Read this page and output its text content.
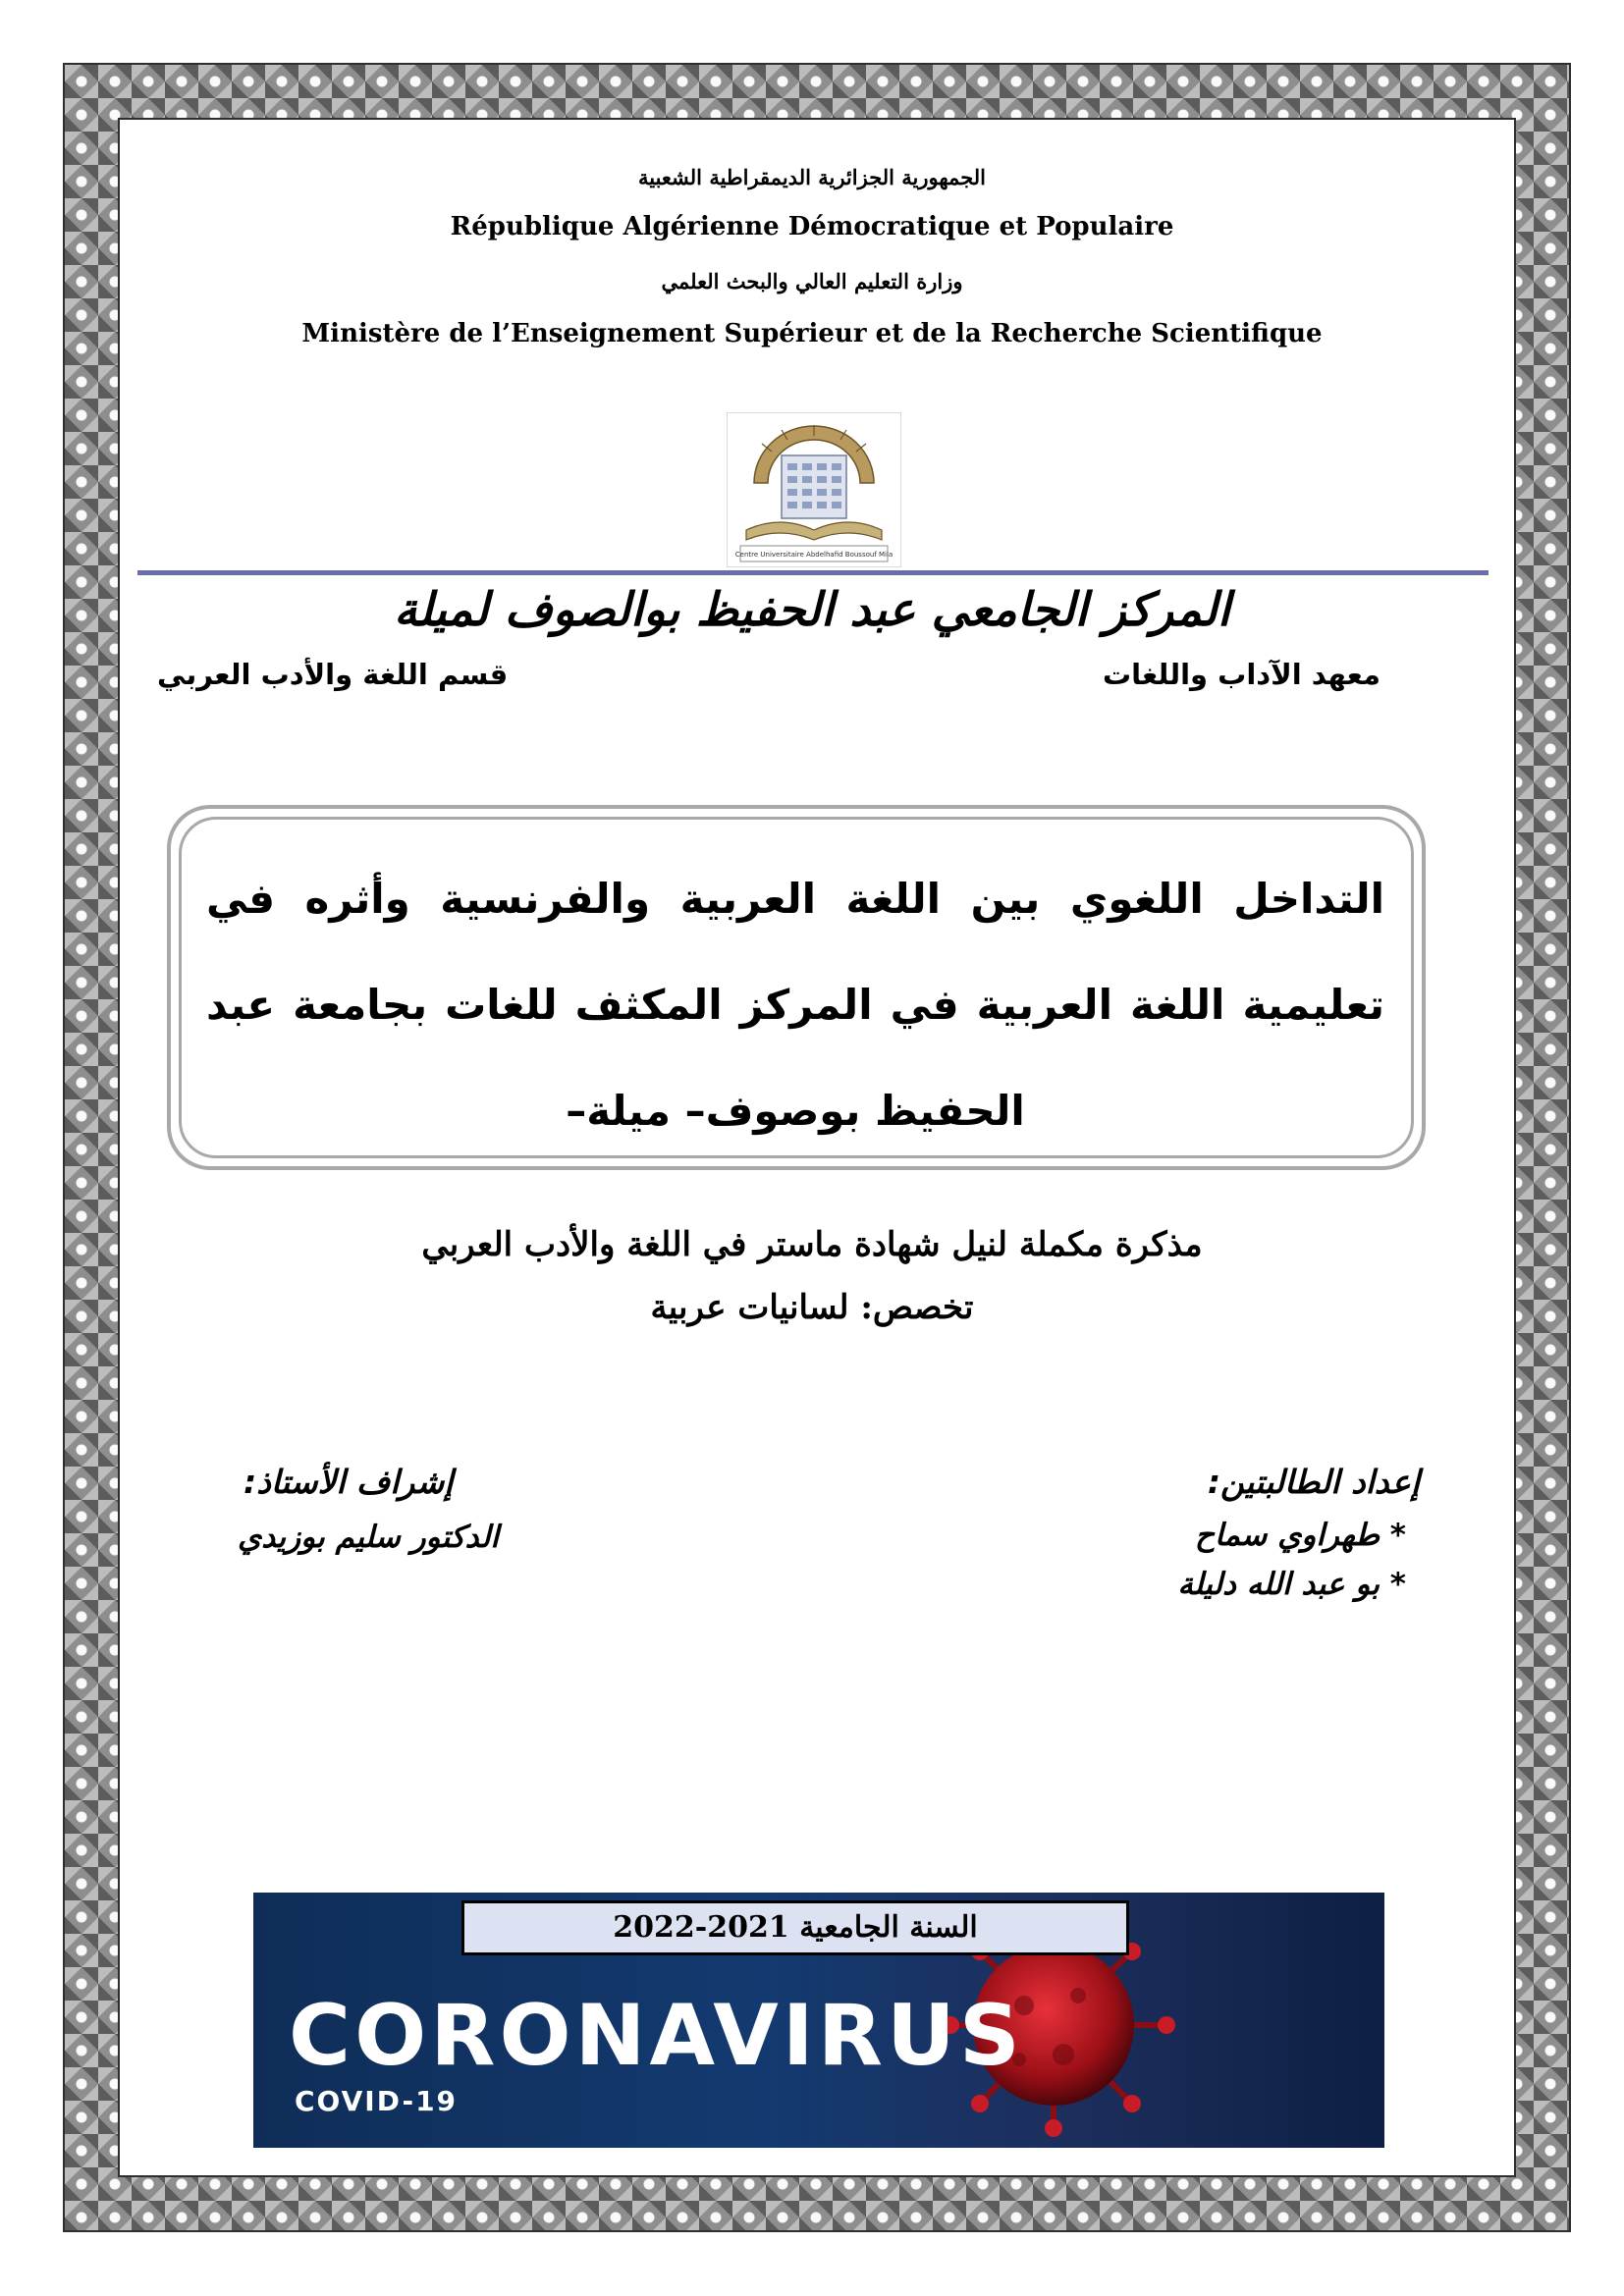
الجمهورية الجزائرية الديمقراطية الشعبية
République Algérienne Démocratique et Populaire
وزارة التعليم العالي والبحث العلمي
Ministère de l’Enseignement Supérieur et de la Recherche Scientifique
Centre Universitaire Abdelhafid Boussouf Mila
المركز الجامعي عبد الحفيظ بوالصوف لميلة
معهد الآداب واللغات
قسم اللغة والأدب العربي
التداخل اللغوي بين اللغة العربية والفرنسية وأثره في تعليمية اللغة العربية في المركز المكثف للغات بجامعة عبد الحفيظ بوصوف– ميلة–
مذكرة مكملة لنيل شهادة ماستر في اللغة والأدب العربي
تخصص: لسانيات عربية
إعداد الطالبتين:
* طهراوي سماح
* بو عبد الله دليلة
إشراف الأستاذ:
الدكتور سليم بوزيدي
السنة الجامعية 2021-2022
CORONAVIRUS
COVID-19
